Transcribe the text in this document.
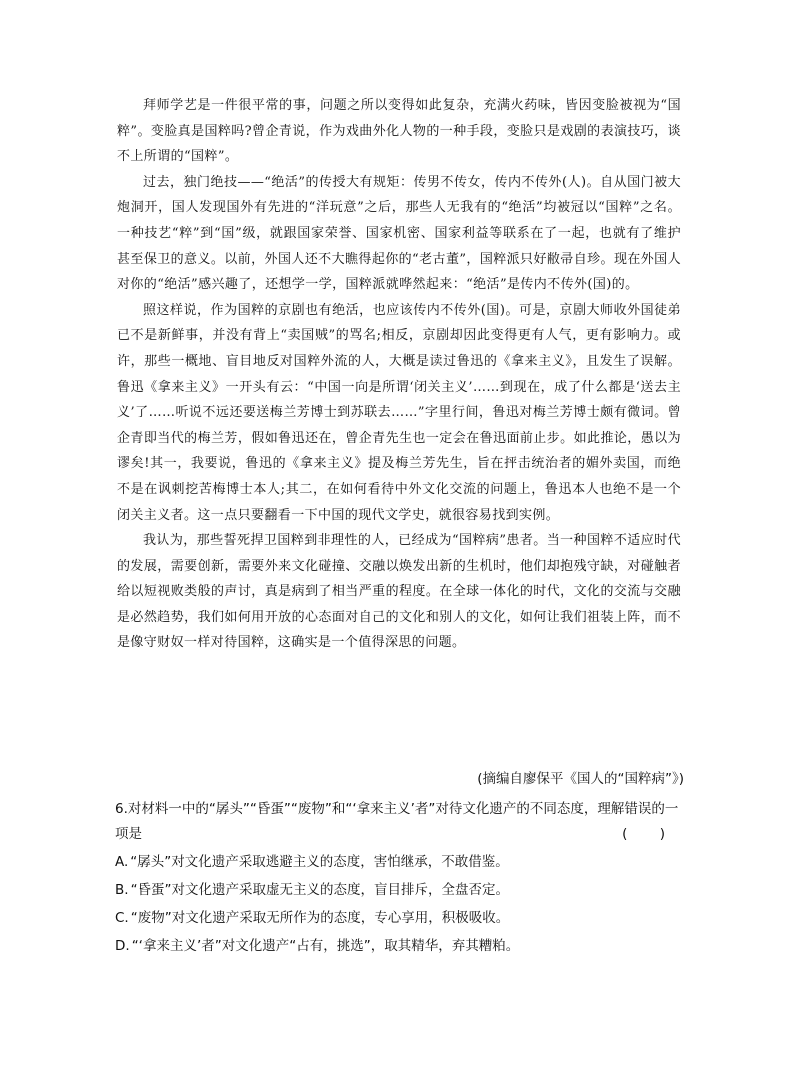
拜师学艺是一件很平常的事，问题之所以变得如此复杂，充满火药味，皆因变脸被视为“国粹”。变脸真是国粹吗?曾企青说，作为戏曲外化人物的一种手段，变脸只是戏剧的表演技巧，谈不上所谓的“国粹”。

过去，独门绝技——“绝活”的传授大有规矩：传男不传女，传内不传外(人)。自从国门被大炮洞开，国人发现国外有先进的“洋玩意”之后，那些人无我有的“绝活”均被冠以“国粹”之名。一种技艺“粹”到“国”级，就跟国家荣誉、国家机密、国家利益等联系在了一起，也就有了维护甚至保卫的意义。以前，外国人还不大瞧得起你的“老古董”，国粹派只好敝帚自珍。现在外国人对你的“绝活”感兴趣了，还想学一学，国粹派就哗然起来：“绝活”是传内不传外(国)的。

照这样说，作为国粹的京剧也有绝活，也应该传内不传外(国)。可是，京剧大师收外国徒弟已不是新鲜事，并没有背上“卖国贼”的骂名;相反，京剧却因此变得更有人气，更有影响力。或许，那些一概地、盲目地反对国粹外流的人，大概是读过鲁迅的《拿来主义》，且发生了误解。鲁迅《拿来主义》一开头有云：“中国一向是所谓‘闭关主义’……到现在，成了什么都是‘送去主义’了……听说不远还要送梅兰芳博士到苏联去……”字里行间，鲁迅对梅兰芳博士颇有微词。曾企青即当代的梅兰芳，假如鲁迅还在，曾企青先生也一定会在鲁迅面前止步。如此推论，愚以为谬矣!其一，我要说，鲁迅的《拿来主义》提及梅兰芳先生，旨在抨击统治者的媚外卖国，而绝不是在讽刺挖苦梅博士本人;其二，在如何看待中外文化交流的问题上，鲁迅本人也绝不是一个闭关主义者。这一点只要翻看一下中国的现代文学史，就很容易找到实例。

我认为，那些誓死捍卫国粹到非理性的人，已经成为“国粹病”患者。当一种国粹不适应时代的发展，需要创新，需要外来文化碰撞、交融以焕发出新的生机时，他们却抱残守缺，对碰触者给以短视败类般的声讨，真是病到了相当严重的程度。在全球一体化的时代，文化的交流与交融是必然趋势，我们如何用开放的心态面对自己的文化和别人的文化，如何让我们祖装上阵，而不是像守财奴一样对待国粹，这确实是一个值得深思的问题。

(摘编自廖保平《国人的“国粹病”》)
6.对材料一中的“孱头”“昏蛋”“废物”和“‘拿来主义’者”对待文化遗产的不同态度，理解错误的一项是	( )
A. “孱头”对文化遗产采取逃避主义的态度，害怕继承，不敢借鉴。
B. “昏蛋”对文化遗产采取虚无主义的态度，盲目排斥，全盘否定。
C. “废物”对文化遗产采取无所作为的态度，专心享用，积极吸收。
D. “‘拿来主义’者”对文化遗产“占有，挑选”，取其精华，弃其糟粕。
